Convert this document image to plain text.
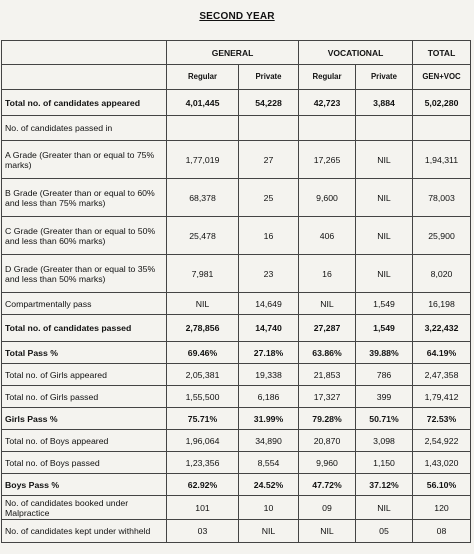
SECOND YEAR
	GENERAL		VOCATIONAL		TOTAL
	Regular	Private	Regular	Private	GEN+VOC
Total no. of candidates appeared	4,01,445	54,228	42,723	3,884	5,02,280
No. of candidates passed in					
A Grade (Greater than or equal to 75% marks)	1,77,019	27	17,265	NIL	1,94,311
B Grade (Greater than or equal to 60% and less than 75% marks)	68,378	25	9,600	NIL	78,003
C Grade (Greater than or equal to 50% and less than 60% marks)	25,478	16	406	NIL	25,900
D Grade (Greater than or equal to 35% and less than 50% marks)	7,981	23	16	NIL	8,020
Compartmentally pass	NIL	14,649	NIL	1,549	16,198
Total no. of candidates passed	2,78,856	14,740	27,287	1,549	3,22,432
Total Pass %	69.46%	27.18%	63.86%	39.88%	64.19%
Total no. of Girls appeared	2,05,381	19,338	21,853	786	2,47,358
Total no. of Girls passed	1,55,500	6,186	17,327	399	1,79,412
Girls Pass %	75.71%	31.99%	79.28%	50.71%	72.53%
Total no. of Boys appeared	1,96,064	34,890	20,870	3,098	2,54,922
Total no. of Boys passed	1,23,356	8,554	9,960	1,150	1,43,020
Boys Pass %	62.92%	24.52%	47.72%	37.12%	56.10%
No. of candidates booked under Malpractice	101	10	09	NIL	120
No. of candidates kept under withheld	03	NIL	NIL	05	08
